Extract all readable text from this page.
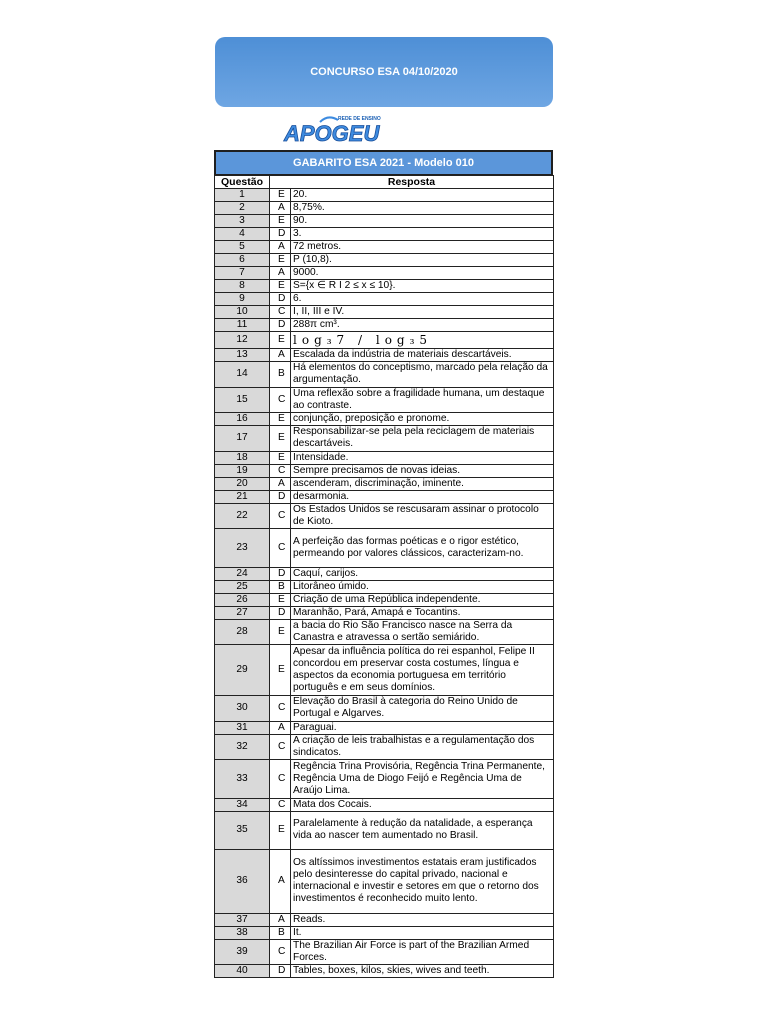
CONCURSO ESA 04/10/2020
REDE DE ENSINO
APOGEU
GABARITO ESA 2021 - Modelo 010
Questão	Resposta	
1	E	20.
2	A	8,75%.
3	E	90.
4	D	3.
5	A	72 metros.
6	E	P (10,8).
7	A	9000.
8	E	S={x ∈ R I 2 ≤ x ≤ 10}.
9	D	6.
10	C	I, II, III e IV.
11	D	288π cm³.
12	E	log₃7 / log₃5
13	A	Escalada da indústria de materiais descartáveis.
14	B	Há elementos do conceptismo, marcado pela relação da argumentação.
15	C	Uma reflexão sobre a fragilidade humana, um destaque ao contraste.
16	E	conjunção, preposição e pronome.
17	E	Responsabilizar-se pela pela reciclagem de materiais descartáveis.
18	E	Intensidade.
19	C	Sempre precisamos de novas ideias.
20	A	ascenderam, discriminação, iminente.
21	D	desarmonia.
22	C	Os Estados Unidos se rescusaram assinar o protocolo de Kioto.
23	C	A perfeição das formas poéticas e o rigor estético, permeando por valores clássicos, caracterizam-no.
24	D	Caquí, carijos.
25	B	Litorâneo úmido.
26	E	Criação de uma República independente.
27	D	Maranhão, Pará, Amapá e Tocantins.
28	E	a bacia do Rio São Francisco nasce na Serra da Canastra e atravessa o sertão semiárido.
29	E	Apesar da influência política do rei espanhol, Felipe II concordou em preservar costa costumes, língua e aspectos da economia portuguesa em território português e em seus domínios.
30	C	Elevação do Brasil à categoria do Reino Unido de Portugal e Algarves.
31	A	Paraguai.
32	C	A criação de leis trabalhistas e a regulamentação dos sindicatos.
33	C	Regência Trina Provisória, Regência Trina Permanente, Regência Uma de Diogo Feijó e Regência Uma de Araújo Lima.
34	C	Mata dos Cocais.
35	E	Paralelamente à redução da natalidade, a esperança vida ao nascer tem aumentado no Brasil.
36	A	Os altíssimos investimentos estatais eram justificados pelo desinteresse do capital privado, nacional e internacional e investir e setores em que o retorno dos investimentos é reconhecido muito lento.
37	A	Reads.
38	B	It.
39	C	The Brazilian Air Force is part of the Brazilian Armed Forces.
40	D	Tables, boxes, kilos, skies, wives and teeth.
